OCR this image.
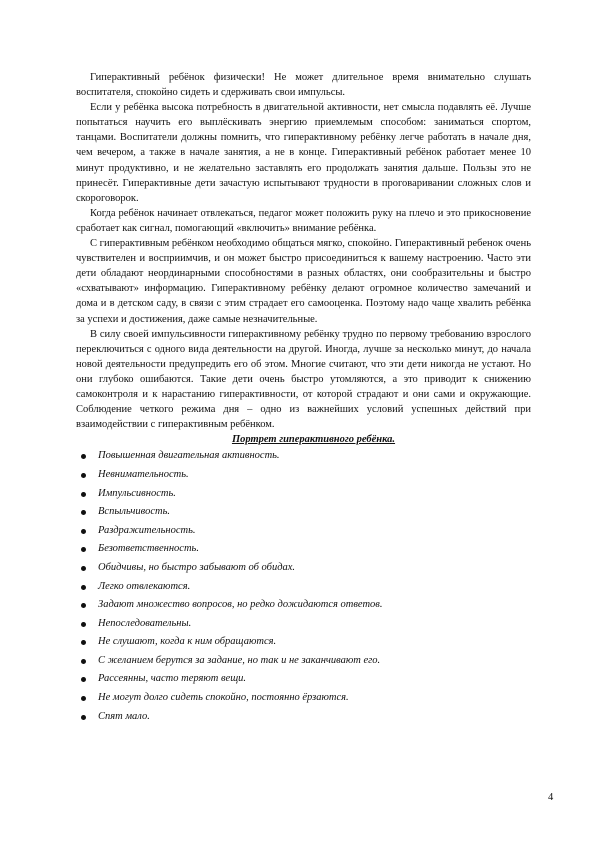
Гиперактивный ребёнок физически! Не может длительное время внимательно слушать воспитателя, спокойно сидеть и сдерживать свои импульсы.

Если у ребёнка высока потребность в двигательной активности, нет смысла подавлять её. Лучше попытаться научить его выплёскивать энергию приемлемым способом: заниматься спортом, танцами. Воспитатели должны помнить, что гиперактивному ребёнку легче работать в начале дня, чем вечером, а также в начале занятия, а не в конце. Гиперактивный ребёнок работает менее 10 минут продуктивно, и не желательно заставлять его продолжать занятия дальше. Пользы это не принесёт. Гиперактивные дети зачастую испытывают трудности в проговаривании сложных слов и скороговорок.

Когда ребёнок начинает отвлекаться, педагог может положить руку на плечо и это прикосновение сработает как сигнал, помогающий «включить» внимание ребёнка.

С гиперактивным ребёнком необходимо общаться мягко, спокойно. Гиперактивный ребенок очень чувствителен и восприимчив, и он может быстро присоединиться к вашему настроению. Часто эти дети обладают неординарными способностями в разных областях, они сообразительны и быстро «схватывают» информацию. Гиперактивному ребёнку делают огромное количество замечаний и дома и в детском саду, в связи с этим страдает его самооценка. Поэтому надо чаще хвалить ребёнка за успехи и достижения, даже самые незначительные.

В силу своей импульсивности гиперактивному ребёнку трудно по первому требованию взрослого переключиться с одного вида деятельности на другой. Иногда, лучше за несколько минут, до начала новой деятельности предупредить его об этом. Многие считают, что эти дети никогда не устают. Но они глубоко ошибаются. Такие дети очень быстро утомляются, а это приводит к снижению самоконтроля и к нарастанию гиперактивности, от которой страдают и они сами и окружающие. Соблюдение четкого режима дня – одно из важнейших условий успешных действий при взаимодействии с гиперактивным ребёнком.

Портрет гиперактивного ребёнка.

Повышенная двигательная активность.
Невнимательность.
Импульсивность.
Вспыльчивость.
Раздражительность.
Безответственность.
Обидчивы, но быстро забывают об обидах.
Легко отвлекаются.
Задают множество вопросов, но редко дожидаются ответов.
Непоследовательны.
Не слушают, когда к ним обращаются.
С желанием берутся за задание, но так и не заканчивают его.
Рассеянны, часто теряют вещи.
Не могут долго сидеть спокойно, постоянно ёрзаются.
Спят мало.
4
